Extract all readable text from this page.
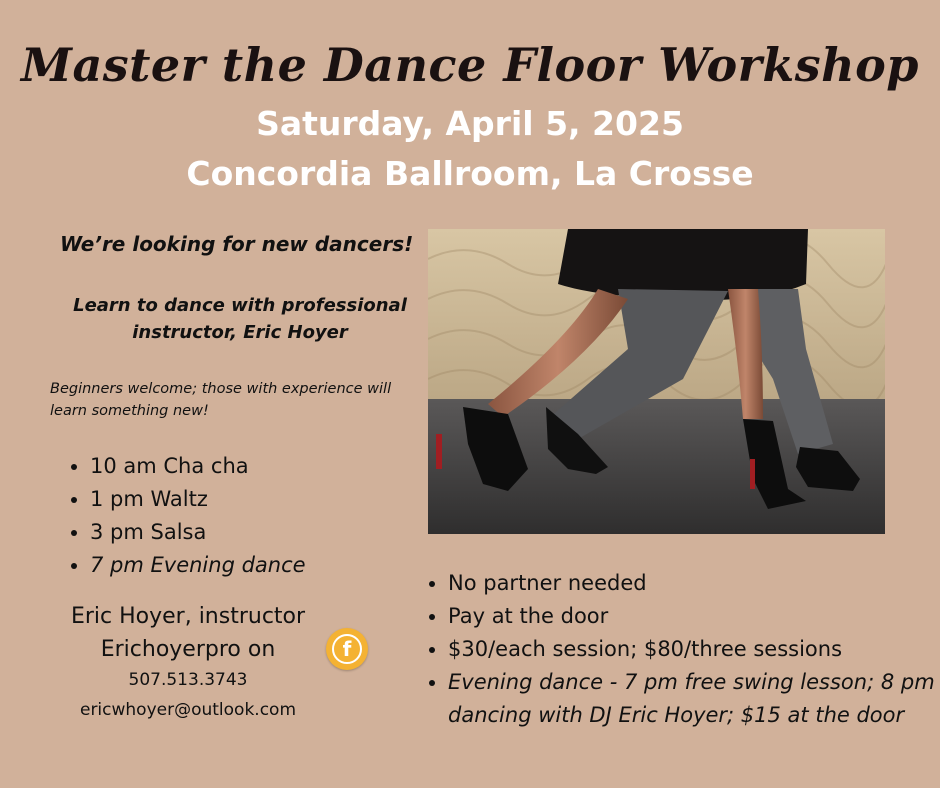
Master the Dance Floor Workshop
Saturday, April 5, 2025
Concordia Ballroom, La Crosse
We’re looking for new dancers!
Learn to dance with professional instructor, Eric Hoyer
Beginners welcome; those with experience will learn something new!
• 10 am Cha cha
• 1 pm Waltz
• 3 pm Salsa
• 7 pm Evening dance
Eric Hoyer, instructor
Erichoyerpro on
507.513.3743
ericwhoyer@outlook.com
f
• No partner needed
• Pay at the door
• $30/each session; $80/three sessions
• Evening dance - 7 pm free swing lesson; 8 pm dancing with DJ Eric Hoyer; $15 at the door
